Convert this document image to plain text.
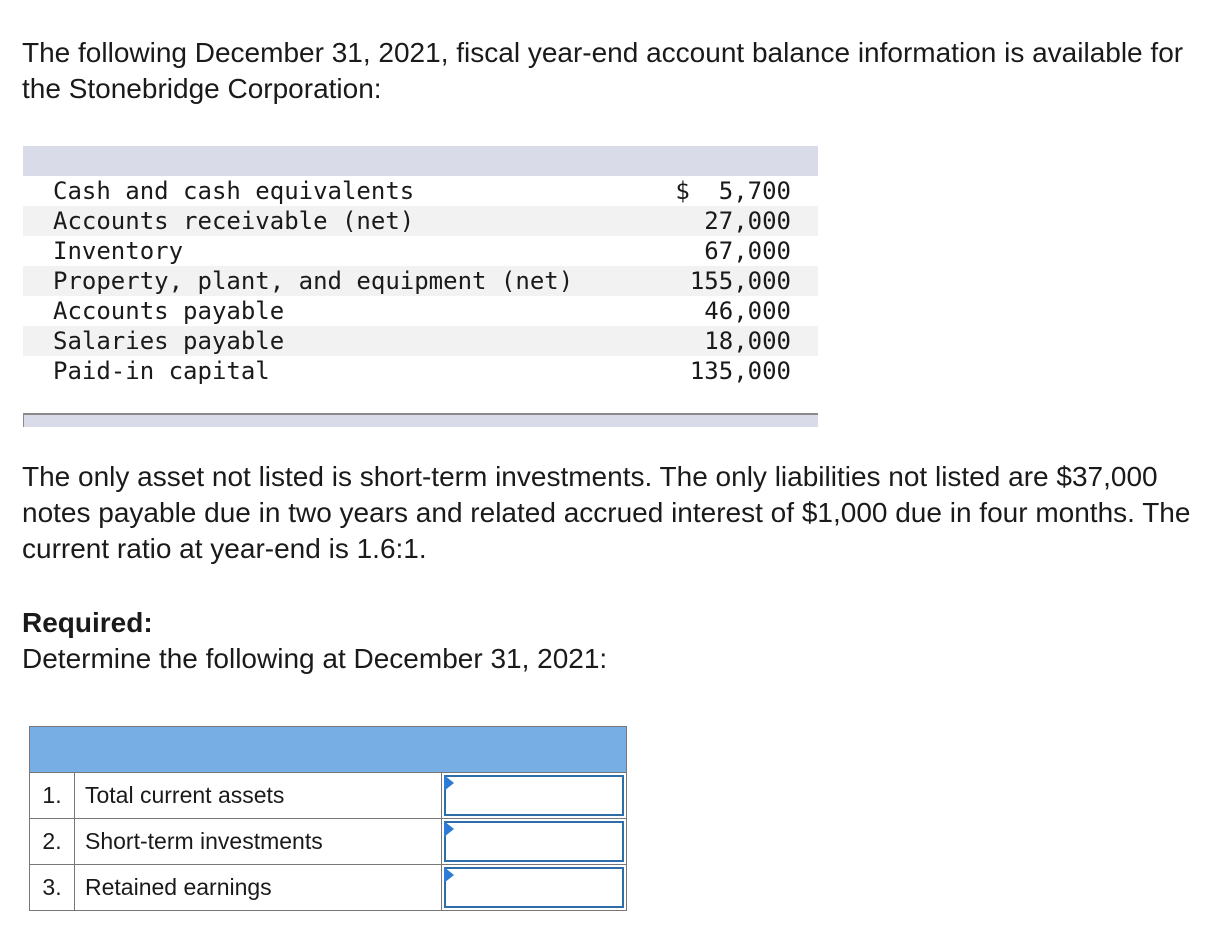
The following December 31, 2021, fiscal year-end account balance information is available for the Stonebridge Corporation:

Cash and cash equivalents	$  5,700
Accounts receivable (net)	27,000
Inventory	67,000
Property, plant, and equipment (net)	155,000
Accounts payable	46,000
Salaries payable	18,000
Paid-in capital	135,000

The only asset not listed is short-term investments. The only liabilities not listed are $37,000 notes payable due in two years and related accrued interest of $1,000 due in four months. The current ratio at year-end is 1.6:1.

Required:

Determine the following at December 31, 2021:

1.	Total current assets
2.	Short-term investments
3.	Retained earnings
